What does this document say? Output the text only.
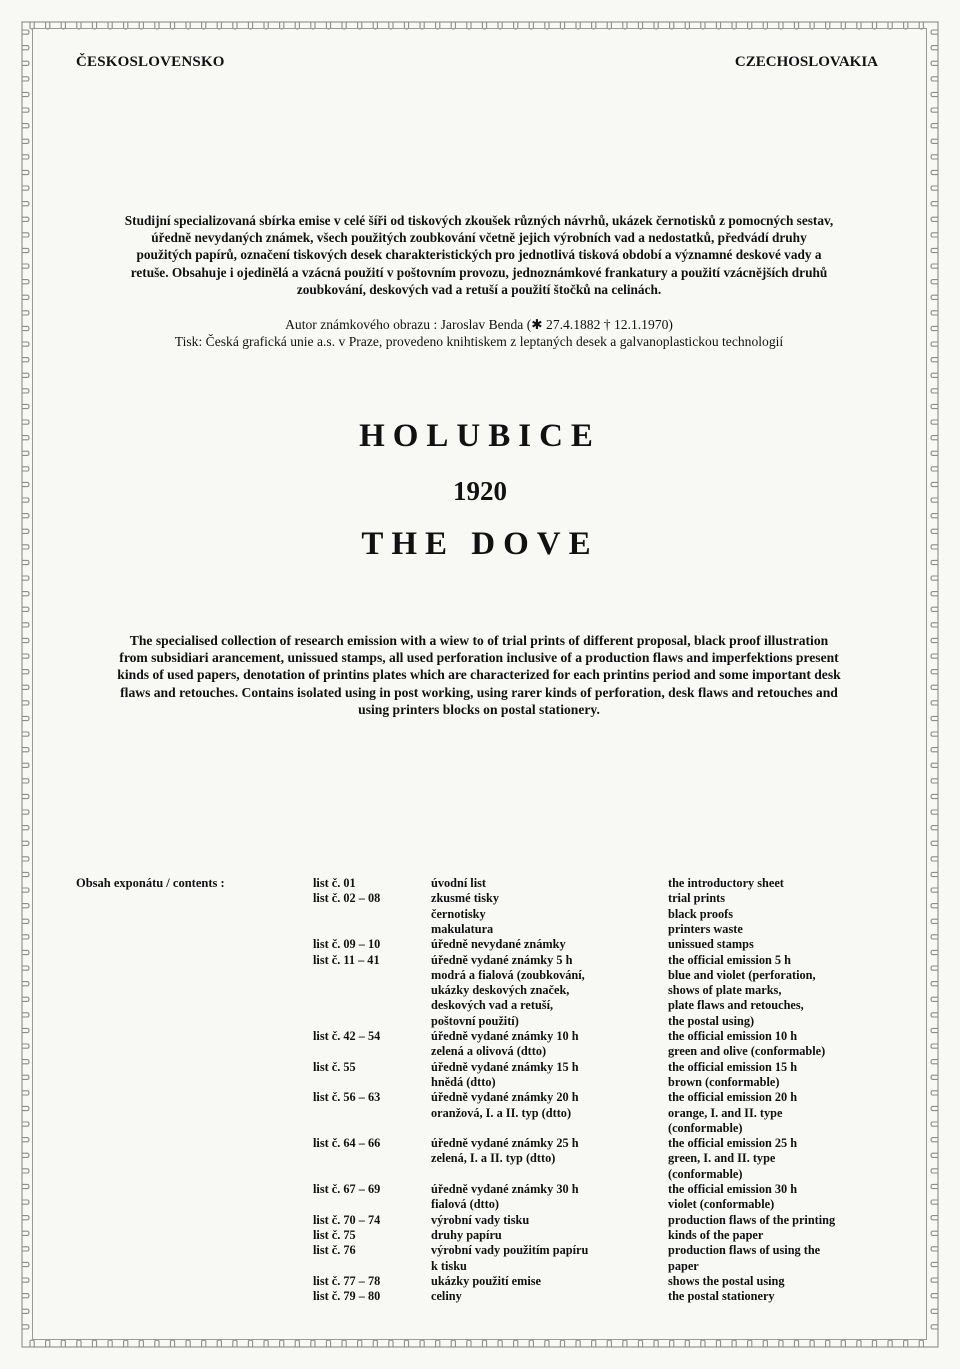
ČESKOSLOVENSKO	CZECHOSLOVAKIA
Studijní specializovaná sbírka emise v celé šíři od tiskových zkoušek různých návrhů, ukázek černotisků z pomocných sestav,
úředně nevydaných známek, všech použitých zoubkování včetně jejich výrobních vad a nedostatků, předvádí druhy
použitých papírů, označení tiskových desek charakteristických pro jednotlivá tisková období a významné deskové vady a
retuše. Obsahuje i ojedinělá a vzácná použití v poštovním provozu, jednoznámkové frankatury a použití vzácnějších druhů
zoubkování, deskových vad a retuší a použití štočků na celinách.
Autor známkového obrazu : Jaroslav Benda (✱ 27.4.1882 † 12.1.1970)
Tisk: Česká grafická unie a.s. v Praze, provedeno knihtiskem z leptaných desek a galvanoplastickou technologií
HOLUBICE
1920
THE DOVE
The specialised collection of research emission with a wiew to of trial prints of different proposal, black proof illustration
from subsidiari arancement, unissued stamps, all used perforation inclusive of a production flaws and imperfektions present
kinds of used papers, denotation of printins plates which are characterized for each printins period and some important desk
flaws and retouches. Contains isolated using in post working, using rarer kinds of perforation, desk flaws and retouches and
using printers blocks on postal stationery.
Obsah exponátu / contents :	list č. 01	úvodní list	the introductory sheet
list č. 02 – 08	zkusmé tisky	trial prints
černotisky	black proofs
makulatura	printers waste
list č. 09 – 10	úředně nevydané známky	unissued stamps
list č. 11 – 41	úředně vydané známky 5 h	the official emission 5 h
modrá a fialová (zoubkování,	blue and violet (perforation,
ukázky deskových značek,	shows of plate marks,
deskových vad a retuší,	plate flaws and retouches,
poštovní použití)	the postal using)
list č. 42 – 54	úředně vydané známky 10 h	the official emission 10 h
zelená a olivová (dtto)	green and olive (conformable)
list č. 55	úředně vydané známky 15 h	the official emission 15 h
hnědá (dtto)	brown (conformable)
list č. 56 – 63	úředně vydané známky 20 h	the official emission 20 h
oranžová, I. a II. typ (dtto)	orange, I. and II. type
(conformable)
list č. 64 – 66	úředně vydané známky 25 h	the official emission 25 h
zelená, I. a II. typ (dtto)	green, I. and II. type
(conformable)
list č. 67 – 69	úředně vydané známky 30 h	the official emission 30 h
fialová (dtto)	violet (conformable)
list č. 70 – 74	výrobní vady tisku	production flaws of the printing
list č. 75	druhy papíru	kinds of the paper
list č. 76	výrobní vady použitím papíru	production flaws of using the
k tisku	paper
list č. 77 – 78	ukázky použití emise	shows the postal using
list č. 79 – 80	celiny	the postal stationery
